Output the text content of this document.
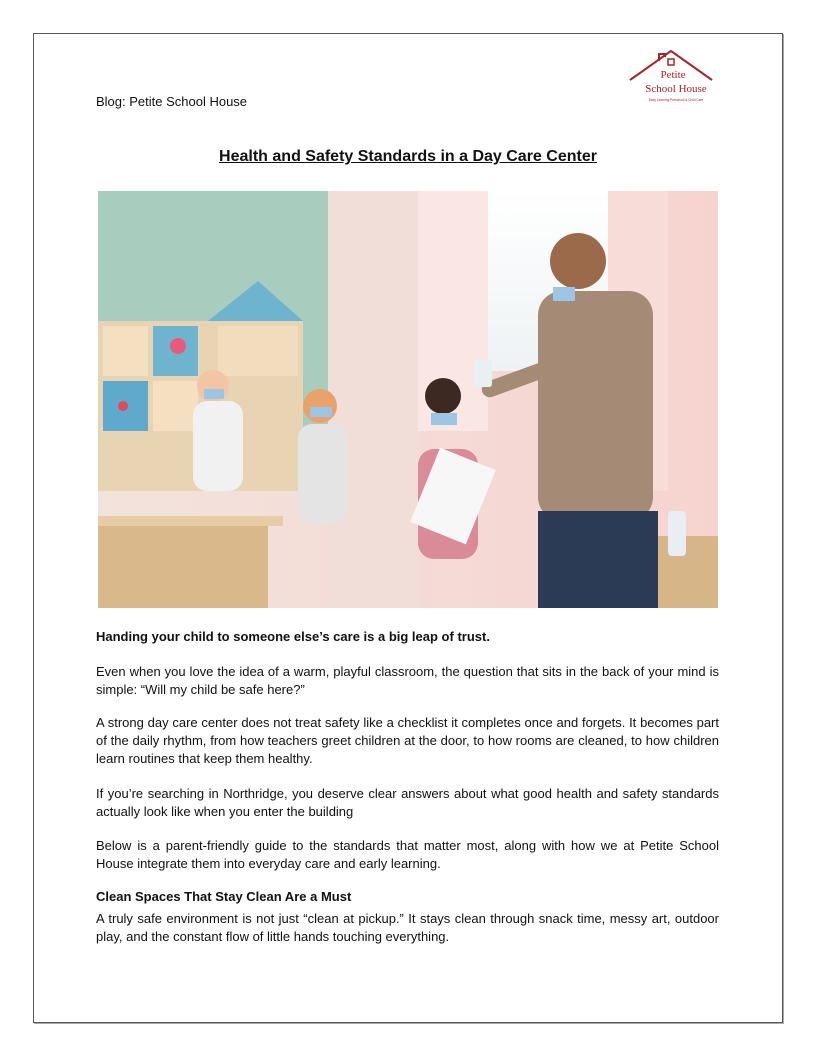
Blog: Petite School House
Petite
School House
Early Learning Preschool & Child Care
Health and Safety Standards in a Day Care Center

Handing your child to someone else’s care is a big leap of trust.

Even when you love the idea of a warm, playful classroom, the question that sits in the back of your mind is simple: “Will my child be safe here?”

A strong day care center does not treat safety like a checklist it completes once and forgets. It becomes part of the daily rhythm, from how teachers greet children at the door, to how rooms are cleaned, to how children learn routines that keep them healthy.

If you’re searching in Northridge, you deserve clear answers about what good health and safety standards actually look like when you enter the building

Below is a parent-friendly guide to the standards that matter most, along with how we at Petite School House integrate them into everyday care and early learning.

Clean Spaces That Stay Clean Are a Must

A truly safe environment is not just “clean at pickup.” It stays clean through snack time, messy art, outdoor play, and the constant flow of little hands touching everything.
